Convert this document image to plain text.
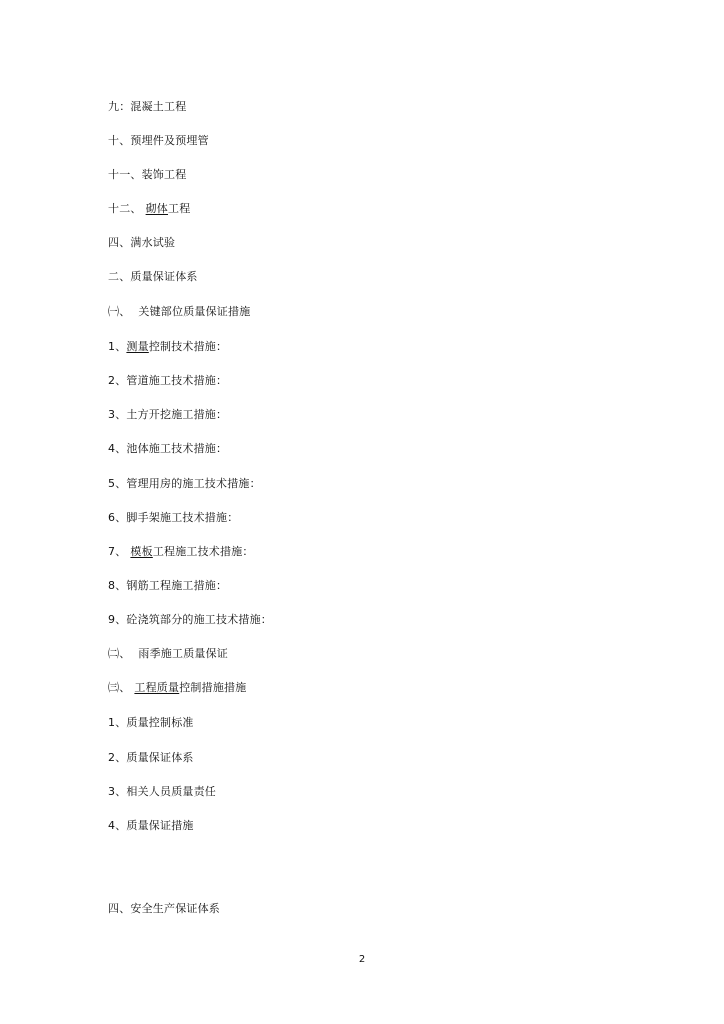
九：混凝土工程
十、预埋件及预埋管
十一、装饰工程
十二、 砌体工程
四、满水试验
二、质量保证体系
㈠、 关键部位质量保证措施
1、测量控制技术措施：
2、管道施工技术措施：
3、土方开挖施工措施：
4、池体施工技术措施：
5、管理用房的施工技术措施：
6、脚手架施工技术措施：
7、 模板工程施工技术措施：
8、钢筋工程施工措施：
9、砼浇筑部分的施工技术措施：
㈡、 雨季施工质量保证
㈢、 工程质量控制措施措施
1、质量控制标准
2、质量保证体系
3、相关人员质量责任
4、质量保证措施
四、安全生产保证体系
2
